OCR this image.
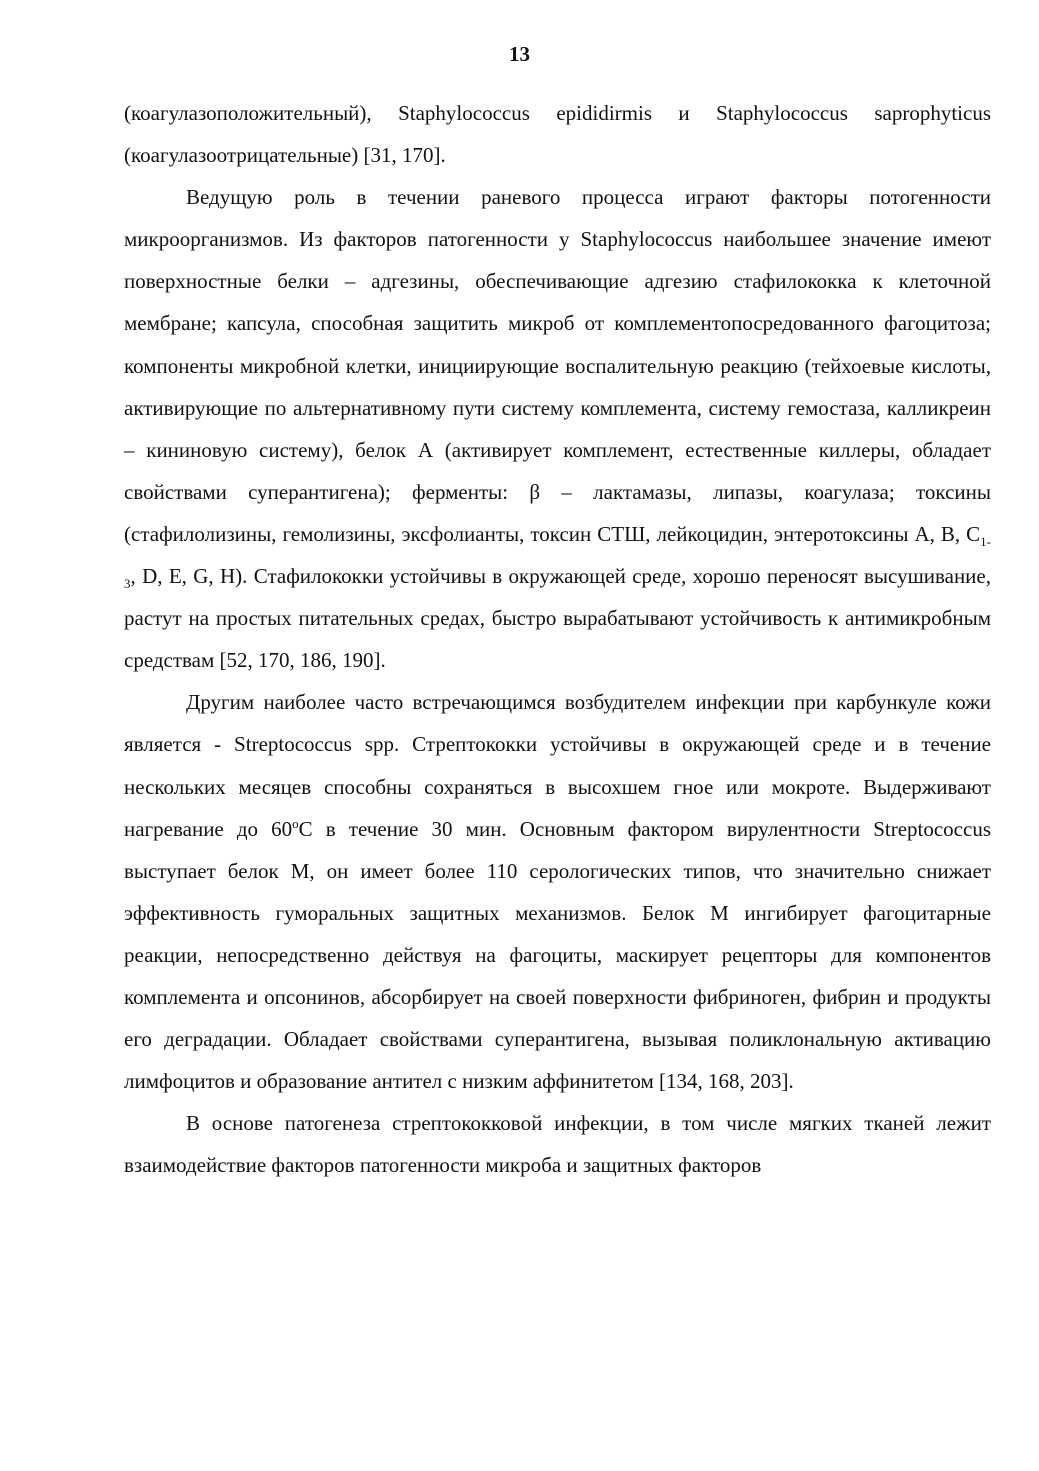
13

(коагулазоположительный), Staphylococcus epididirmis и Staphylococcus saprophyticus (коагулазоотрицательные) [31, 170].

Ведущую роль в течении раневого процесса играют факторы потогенности микроорганизмов. Из факторов патогенности у Staphylococcus наибольшее значение имеют поверхностные белки – адгезины, обеспечивающие адгезию стафилококка к клеточной мембране; капсула, способная защитить микроб от комплементопосредованного фагоцитоза; компоненты микробной клетки, инициирующие воспалительную реакцию (тейхоевые кислоты, активирующие по альтернативному пути систему комплемента, систему гемостаза, калликреин – кининовую систему), белок А (активирует комплемент, естественные киллеры, обладает свойствами суперантигена); ферменты: β – лактамазы, липазы, коагулаза; токсины (стафилолизины, гемолизины, эксфолианты, токсин СТШ, лейкоцидин, энтеротоксины A, B, $C_{1-3}$, D, E, G, H). Стафилококки устойчивы в окружающей среде, хорошо переносят высушивание, растут на простых питательных средах, быстро вырабатывают устойчивость к антимикробным средствам [52, 170, 186, 190].

Другим наиболее часто встречающимся возбудителем инфекции при карбункуле кожи является - Streptococcus spp. Стрептококки устойчивы в окружающей среде и в течение нескольких месяцев способны сохраняться в высохшем гное или мокроте. Выдерживают нагревание до 60$^o$C в течение 30 мин. Основным фактором вирулентности Streptococcus выступает белок М, он имеет более 110 серологических типов, что значительно снижает эффективность гуморальных защитных механизмов. Белок М ингибирует фагоцитарные реакции, непосредственно действуя на фагоциты, маскирует рецепторы для компонентов комплемента и опсонинов, абсорбирует на своей поверхности фибриноген, фибрин и продукты его деградации. Обладает свойствами суперантигена, вызывая поликлональную активацию лимфоцитов и образование антител с низким аффинитетом [134, 168, 203].

В основе патогенеза стрептококковой инфекции, в том числе мягких тканей лежит взаимодействие факторов патогенности микроба и защитных факторов
